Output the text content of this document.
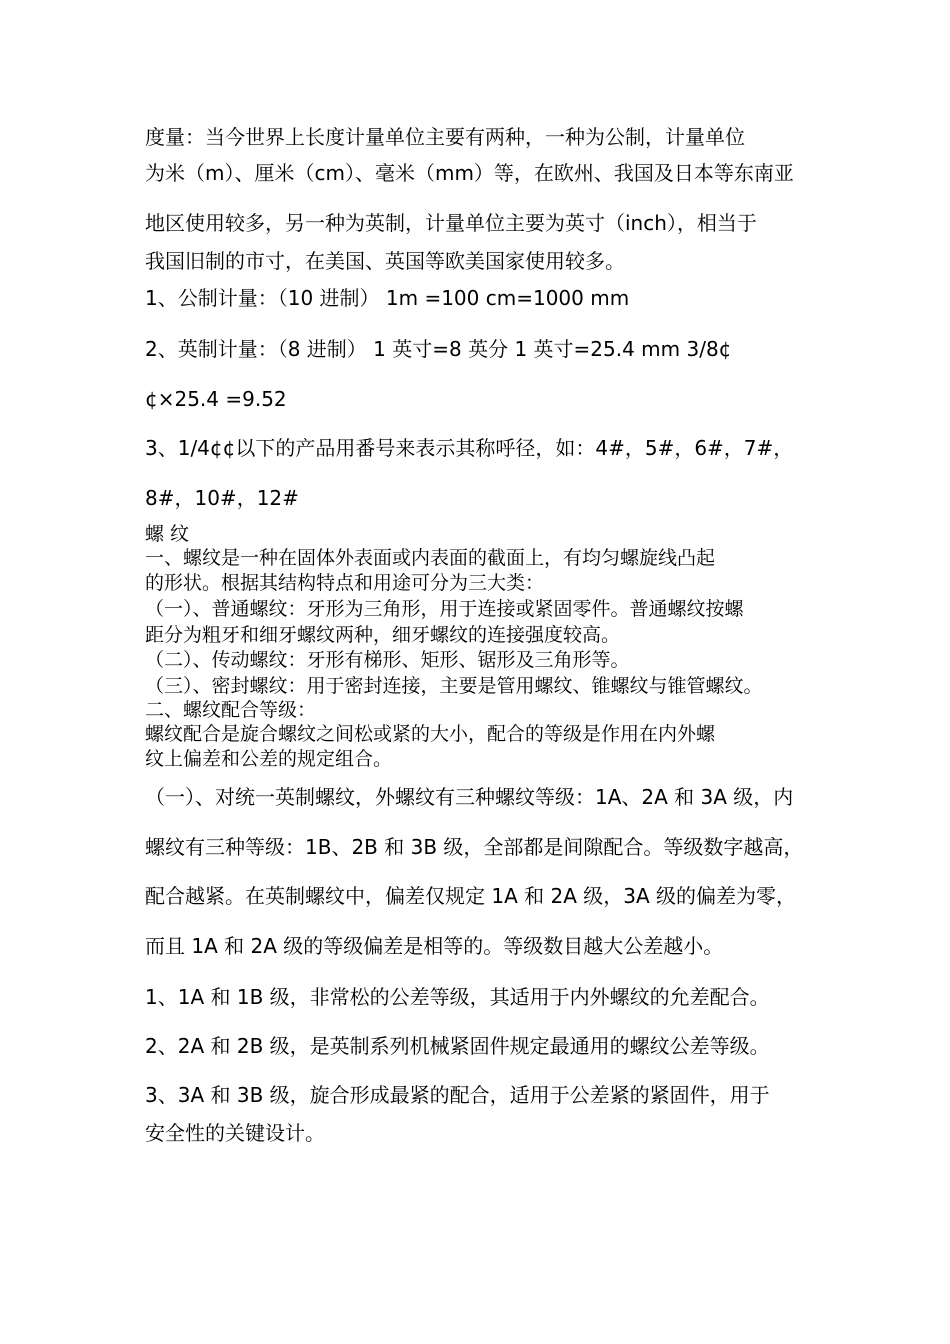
度量：当今世界上长度计量单位主要有两种，一种为公制，计量单位
为米（m）、厘米（cm）、毫米（mm）等，在欧州、我国及日本等东南亚
地区使用较多，另一种为英制，计量单位主要为英寸（inch），相当于
我国旧制的市寸，在美国、英国等欧美国家使用较多。
1、公制计量：（10 进制） 1m =100 cm=1000 mm
2、英制计量：（8 进制） 1 英寸=8 英分 1 英寸=25.4 mm 3/8¢
¢×25.4 =9.52
3、1/4¢¢以下的产品用番号来表示其称呼径，如：4#，5#，6#，7#，
8#，10#，12#
螺 纹
一、螺纹是一种在固体外表面或内表面的截面上，有均匀螺旋线凸起
的形状。根据其结构特点和用途可分为三大类：
（一）、普通螺纹：牙形为三角形，用于连接或紧固零件。普通螺纹按螺
距分为粗牙和细牙螺纹两种，细牙螺纹的连接强度较高。
（二）、传动螺纹：牙形有梯形、矩形、锯形及三角形等。
（三）、密封螺纹：用于密封连接，主要是管用螺纹、锥螺纹与锥管螺纹。
二、螺纹配合等级：
螺纹配合是旋合螺纹之间松或紧的大小，配合的等级是作用在内外螺
纹上偏差和公差的规定组合。
（一）、对统一英制螺纹，外螺纹有三种螺纹等级：1A、2A 和 3A 级，内
螺纹有三种等级：1B、2B 和 3B 级，全部都是间隙配合。等级数字越高，
配合越紧。在英制螺纹中，偏差仅规定 1A 和 2A 级，3A 级的偏差为零，
而且 1A 和 2A 级的等级偏差是相等的。等级数目越大公差越小。
1、1A 和 1B 级，非常松的公差等级，其适用于内外螺纹的允差配合。
2、2A 和 2B 级，是英制系列机械紧固件规定最通用的螺纹公差等级。
3、3A 和 3B 级，旋合形成最紧的配合，适用于公差紧的紧固件，用于
安全性的关键设计。
